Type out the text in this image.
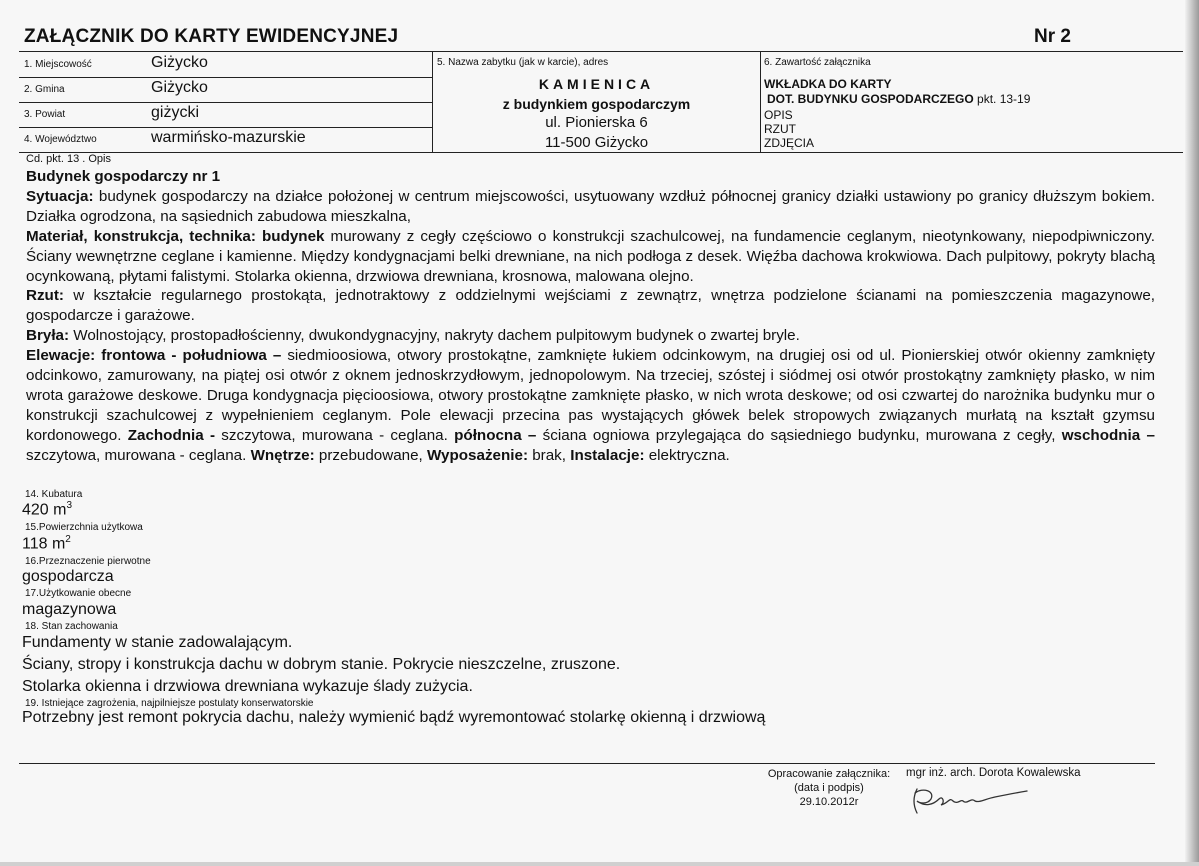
ZAŁĄCZNIK DO KARTY EWIDENCYJNEJ	Nr 2
1. Miejscowość	Giżycko
2. Gmina	Giżycko
3. Powiat	giżycki
4. Województwo	warmińsko-mazurskie
5. Nazwa zabytku (jak w karcie), adres
KAMIENICA
z budynkiem gospodarczym
ul. Pionierska 6
11-500 Giżycko
6. Zawartość załącznika
WKŁADKA DO KARTY
DOT. BUDYNKU GOSPODARCZEGO pkt. 13-19
OPIS
RZUT
ZDJĘCIA
Cd. pkt. 13 . Opis

Budynek gospodarczy nr 1

Sytuacja: budynek gospodarczy na działce położonej w centrum miejscowości, usytuowany wzdłuż północnej granicy działki ustawiony po granicy dłuższym bokiem. Działka ogrodzona, na sąsiednich zabudowa mieszkalna,

Materiał, konstrukcja, technika: budynek murowany z cegły częściowo o konstrukcji szachulcowej, na fundamencie ceglanym, nieotynkowany, niepodpiwniczony. Ściany wewnętrzne ceglane i kamienne. Między kondygnacjami belki drewniane, na nich podłoga z desek. Więźba dachowa krokwiowa. Dach pulpitowy, pokryty blachą ocynkowaną, płytami falistymi. Stolarka okienna, drzwiowa drewniana, krosnowa, malowana olejno.

Rzut: w kształcie regularnego prostokąta, jednotraktowy z oddzielnymi wejściami z zewnątrz, wnętrza podzielone ścianami na pomieszczenia magazynowe, gospodarcze i garażowe.

Bryła: Wolnostojący, prostopadłościenny, dwukondygnacyjny, nakryty dachem pulpitowym budynek o zwartej bryle.

Elewacje: frontowa - południowa – siedmioosiowa, otwory prostokątne, zamknięte łukiem odcinkowym, na drugiej osi od ul. Pionierskiej otwór okienny zamknięty odcinkowo, zamurowany, na piątej osi otwór z oknem jednoskrzydłowym, jednopolowym. Na trzeciej, szóstej i siódmej osi otwór prostokątny zamknięty płasko, w nim wrota garażowe deskowe. Druga kondygnacja pięcioosiowa, otwory prostokątne zamknięte płasko, w nich wrota deskowe; od osi czwartej do narożnika budynku mur o konstrukcji szachulcowej z wypełnieniem ceglanym. Pole elewacji przecina pas wystających główek belek stropowych związanych murłatą na kształt gzymsu kordonowego. Zachodnia - szczytowa, murowana - ceglana. północna – ściana ogniowa przylegająca do sąsiedniego budynku, murowana z cegły, wschodnia – szczytowa, murowana - ceglana. Wnętrze: przebudowane, Wyposażenie: brak, Instalacje: elektryczna.

14. Kubatura
420 $m^3$
15.Powierzchnia użytkowa
118 $m^2$
16.Przeznaczenie pierwotne
gospodarcza
17.Użytkowanie obecne
magazynowa
18. Stan zachowania
Fundamenty w stanie zadowalającym.
Ściany, stropy i konstrukcja dachu w dobrym stanie. Pokrycie nieszczelne, zruszone.
Stolarka okienna i drzwiowa drewniana wykazuje ślady zużycia.
19. Istniejące zagrożenia, najpilniejsze postulaty konserwatorskie
Potrzebny jest remont pokrycia dachu, należy wymienić bądź wyremontować stolarkę okienną i drzwiową
Opracowanie załącznika:
(data i podpis)
29.10.2012r
mgr inż. arch. Dorota Kowalewska
